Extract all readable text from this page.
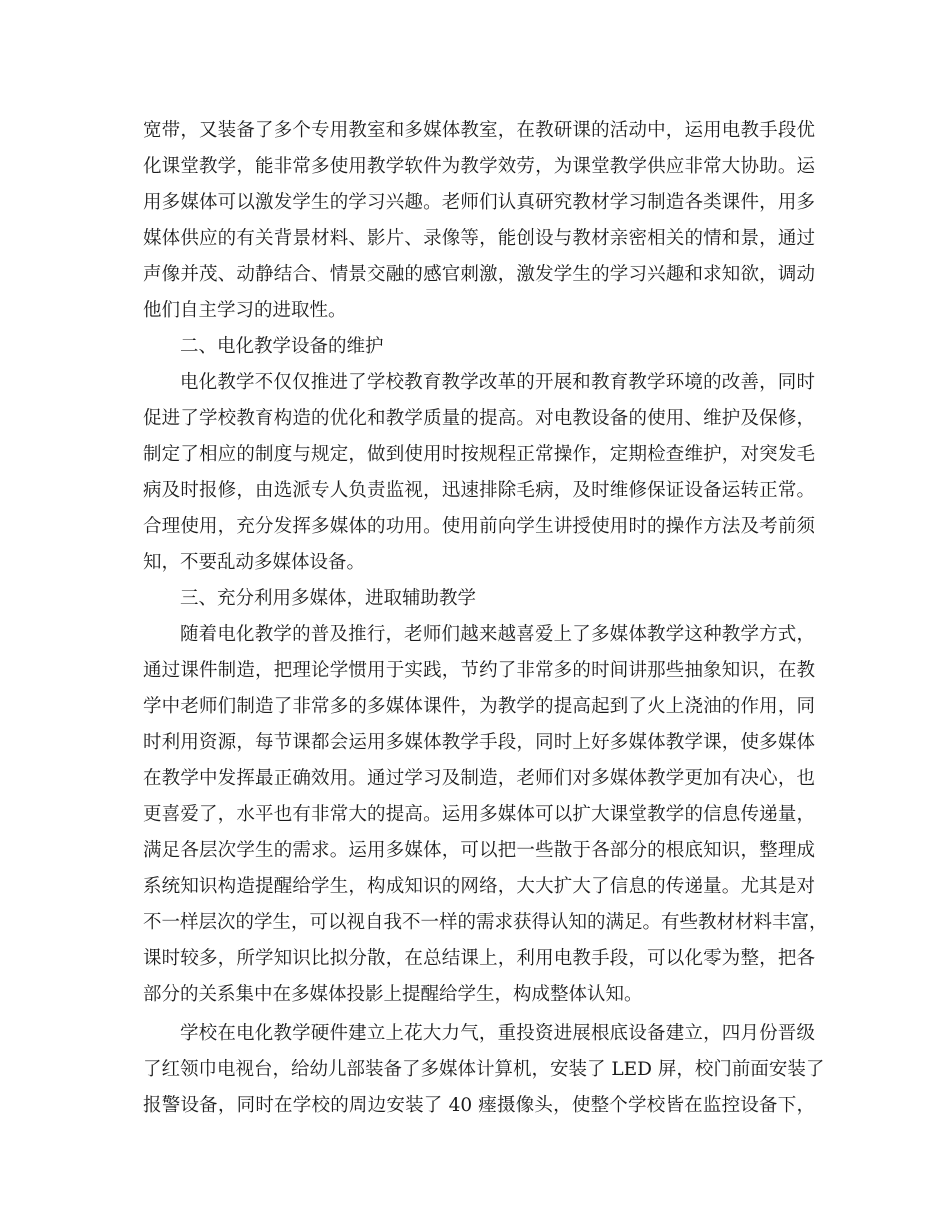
宽带，又装备了多个专用教室和多媒体教室，在教研课的活动中，运用电教手段优
化课堂教学，能非常多使用教学软件为教学效劳，为课堂教学供应非常大协助。运
用多媒体可以激发学生的学习兴趣。老师们认真研究教材学习制造各类课件，用多
媒体供应的有关背景材料、影片、录像等，能创设与教材亲密相关的情和景，通过
声像并茂、动静结合、情景交融的感官刺激，激发学生的学习兴趣和求知欲，调动
他们自主学习的进取性。
二、电化教学设备的维护
电化教学不仅仅推进了学校教育教学改革的开展和教育教学环境的改善，同时
促进了学校教育构造的优化和教学质量的提高。对电教设备的使用、维护及保修，
制定了相应的制度与规定，做到使用时按规程正常操作，定期检查维护，对突发毛
病及时报修，由选派专人负责监视，迅速排除毛病，及时维修保证设备运转正常。
合理使用，充分发挥多媒体的功用。使用前向学生讲授使用时的操作方法及考前须
知，不要乱动多媒体设备。
三、充分利用多媒体，进取辅助教学
随着电化教学的普及推行，老师们越来越喜爱上了多媒体教学这种教学方式，
通过课件制造，把理论学惯用于实践，节约了非常多的时间讲那些抽象知识，在教
学中老师们制造了非常多的多媒体课件，为教学的提高起到了火上浇油的作用，同
时利用资源，每节课都会运用多媒体教学手段，同时上好多媒体教学课，使多媒体
在教学中发挥最正确效用。通过学习及制造，老师们对多媒体教学更加有决心，也
更喜爱了，水平也有非常大的提高。运用多媒体可以扩大课堂教学的信息传递量，
满足各层次学生的需求。运用多媒体，可以把一些散于各部分的根底知识，整理成
系统知识构造提醒给学生，构成知识的网络，大大扩大了信息的传递量。尤其是对
不一样层次的学生，可以视自我不一样的需求获得认知的满足。有些教材材料丰富，
课时较多，所学知识比拟分散，在总结课上，利用电教手段，可以化零为整，把各
部分的关系集中在多媒体投影上提醒给学生，构成整体认知。
学校在电化教学硬件建立上花大力气，重投资进展根底设备建立，四月份晋级
了红领巾电视台，给幼儿部装备了多媒体计算机，安装了 LED 屏，校门前面安装了
报警设备，同时在学校的周边安装了 40 瘗摄像头，使整个学校皆在监控设备下，
